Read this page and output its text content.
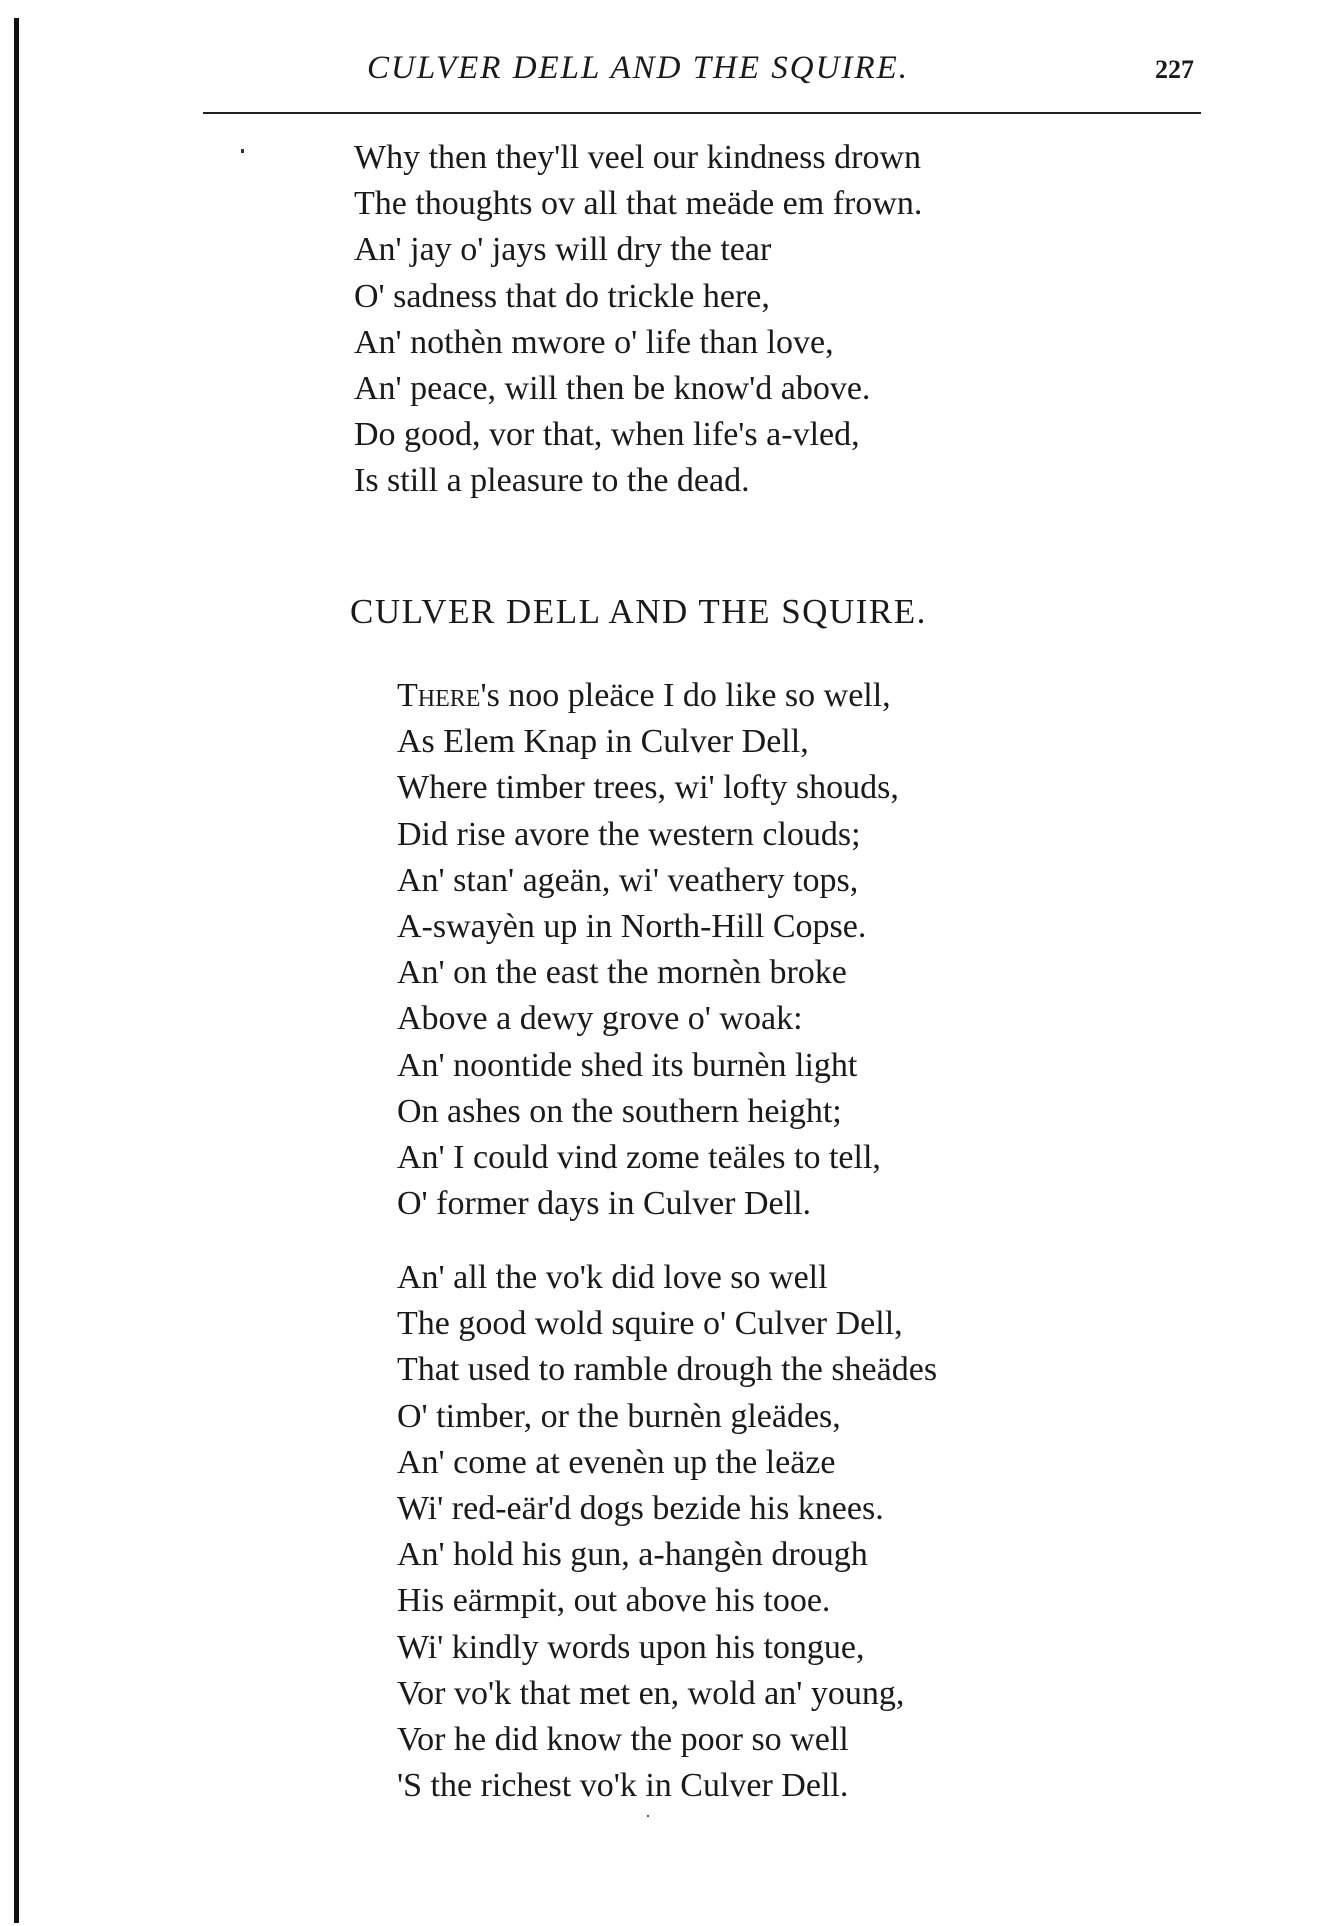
CULVER DELL AND THE SQUIRE.	227
Why then they'll veel our kindness drown
The thoughts ov all that meäde em frown.
An' jay o' jays will dry the tear
O' sadness that do trickle here,
An' nothèn mwore o' life than love,
An' peace, will then be know'd above.
Do good, vor that, when life's a-vled,
Is still a pleasure to the dead.
CULVER DELL AND THE SQUIRE.
There's noo pleäce I do like so well,
As Elem Knap in Culver Dell,
Where timber trees, wi' lofty shouds,
Did rise avore the western clouds;
An' stan' ageän, wi' veathery tops,
A-swayèn up in North-Hill Copse.
An' on the east the mornèn broke
Above a dewy grove o' woak:
An' noontide shed its burnèn light
On ashes on the southern height;
An' I could vind zome teäles to tell,
O' former days in Culver Dell.
An' all the vo'k did love so well
The good wold squire o' Culver Dell,
That used to ramble drough the sheädes
O' timber, or the burnèn gleädes,
An' come at evenèn up the leäze
Wi' red-eär'd dogs bezide his knees.
An' hold his gun, a-hangèn drough
His eärmpit, out above his tooe.
Wi' kindly words upon his tongue,
Vor vo'k that met en, wold an' young,
Vor he did know the poor so well
'S the richest vo'k in Culver Dell.
